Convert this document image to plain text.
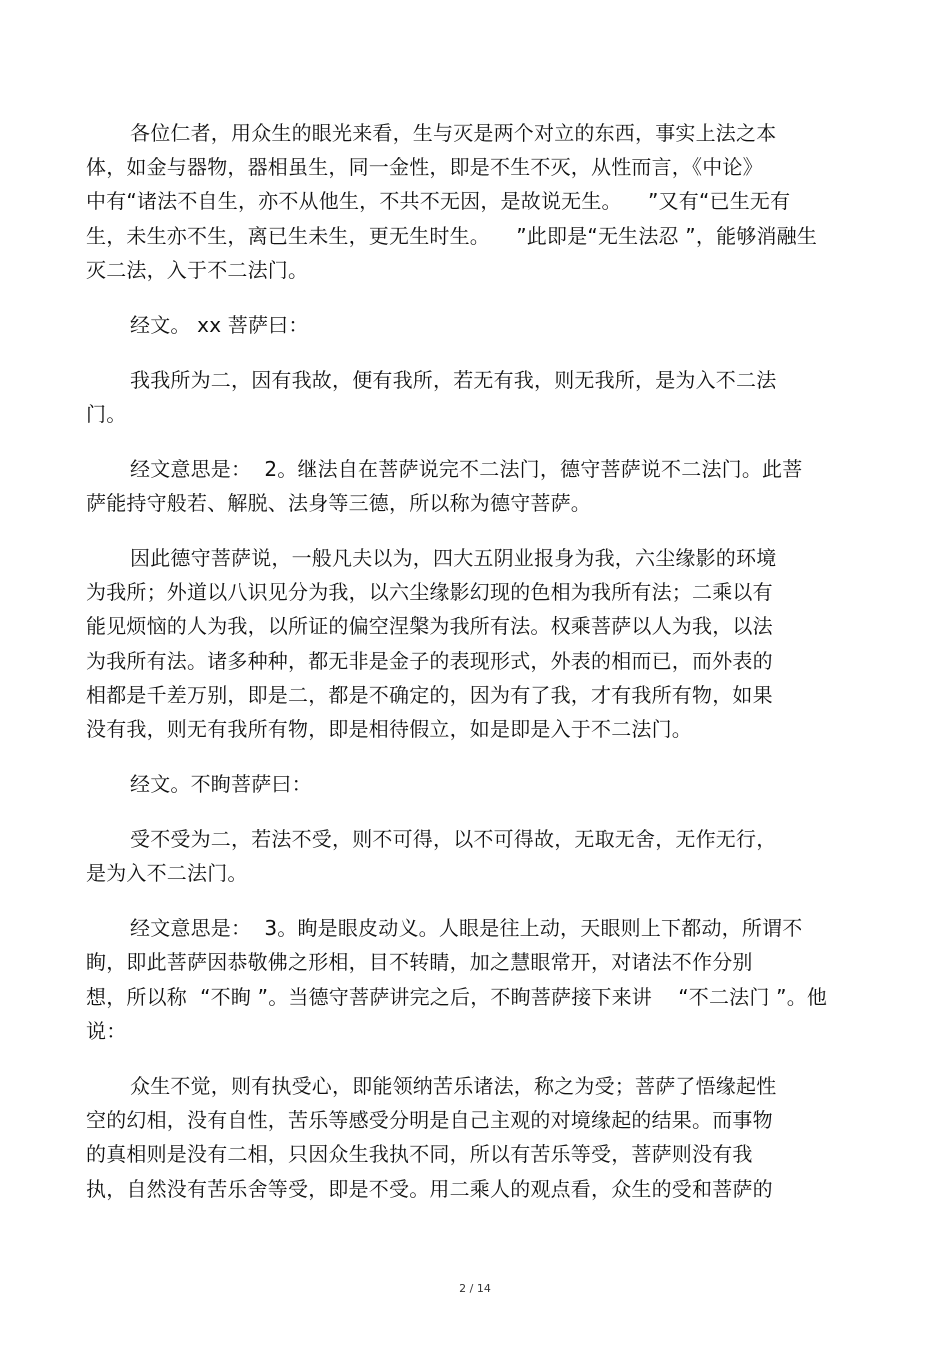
各位仁者，用众生的眼光来看，生与灭是两个对立的东西，事实上法之本
体，如金与器物，器相虽生，同一金性，即是不生不灭，从性而言，《中论》
中有“诸法不自生，亦不从他生，不共不无因，是故说无生。    ”又有“已生无有
生，未生亦不生，离已生未生，更无生时生。    ”此即是“无生法忍 ”，能够消融生
灭二法，入于不二法门。
经文。 xx 菩萨曰：
我我所为二，因有我故，便有我所，若无有我，则无我所，是为入不二法
门。
经文意思是：  2。继法自在菩萨说完不二法门，德守菩萨说不二法门。此菩
萨能持守般若、解脱、法身等三德，所以称为德守菩萨。
因此德守菩萨说，一般凡夫以为，四大五阴业报身为我，六尘缘影的环境
为我所；外道以八识见分为我，以六尘缘影幻现的色相为我所有法；二乘以有
能见烦恼的人为我，以所证的偏空涅槃为我所有法。权乘菩萨以人为我，以法
为我所有法。诸多种种，都无非是金子的表现形式，外表的相而已，而外表的
相都是千差万别，即是二，都是不确定的，因为有了我，才有我所有物，如果
没有我，则无有我所有物，即是相待假立，如是即是入于不二法门。
经文。不眴菩萨曰：
受不受为二，若法不受，则不可得，以不可得故，无取无舍，无作无行，
是为入不二法门。
经文意思是：  3。眴是眼皮动义。人眼是往上动，天眼则上下都动，所谓不
眴，即此菩萨因恭敬佛之形相，目不转睛，加之慧眼常开，对诸法不作分别
想，所以称  “不眴 ”。当德守菩萨讲完之后，不眴菩萨接下来讲    “不二法门 ”。他
说：
众生不觉，则有执受心，即能领纳苦乐诸法，称之为受；菩萨了悟缘起性
空的幻相，没有自性，苦乐等感受分明是自己主观的对境缘起的结果。而事物
的真相则是没有二相，只因众生我执不同，所以有苦乐等受，菩萨则没有我
执，自然没有苦乐舍等受，即是不受。用二乘人的观点看，众生的受和菩萨的
2 / 14
